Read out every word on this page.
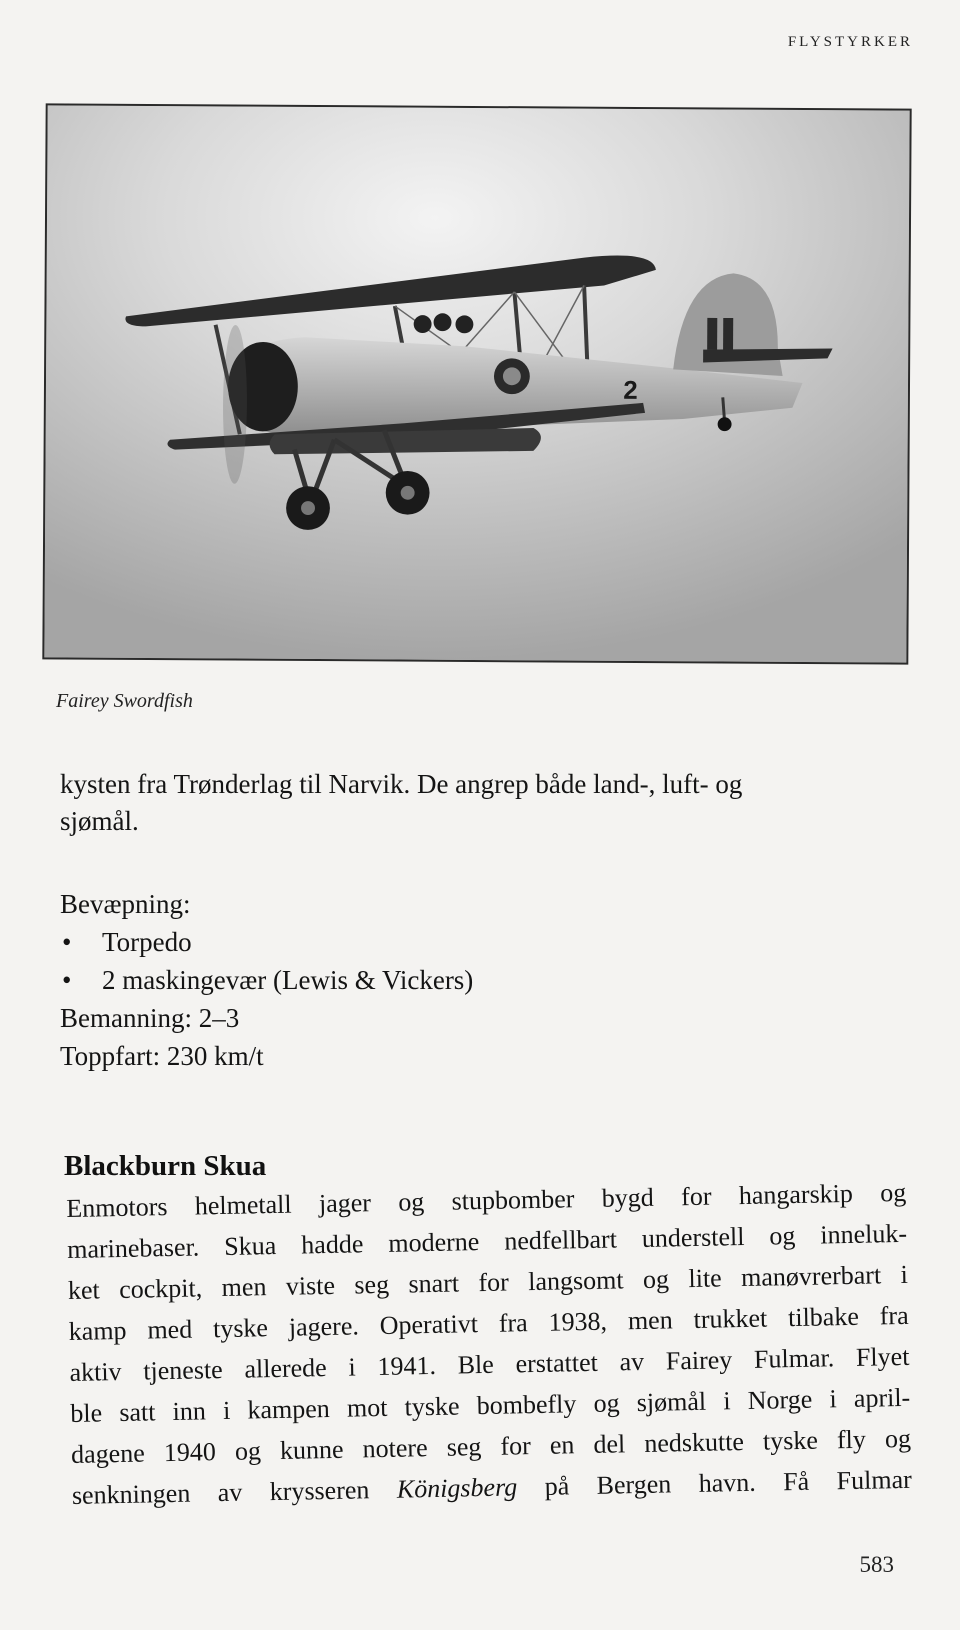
FLYSTYRKER
2
Fairey Swordfish
kysten fra Trønderlag til Narvik. De angrep både land-, luft- og
sjømål.
Bevæpning:
• Torpedo
• 2 maskingevær (Lewis & Vickers)
Bemanning: 2–3
Toppfart: 230 km/t
Blackburn Skua
Enmotors helmetall jager og stupbomber bygd for hangarskip og
marinebaser. Skua hadde moderne nedfellbart understell og inneluk-
ket cockpit, men viste seg snart for langsomt og lite manøvrerbart i
kamp med tyske jagere. Operativt fra 1938, men trukket tilbake fra
aktiv tjeneste allerede i 1941. Ble erstattet av Fairey Fulmar. Flyet
ble satt inn i kampen mot tyske bombefly og sjømål i Norge i april-
dagene 1940 og kunne notere seg for en del nedskutte tyske fly og
senkningen av krysseren Königsberg på Bergen havn. Få Fulmar
583
